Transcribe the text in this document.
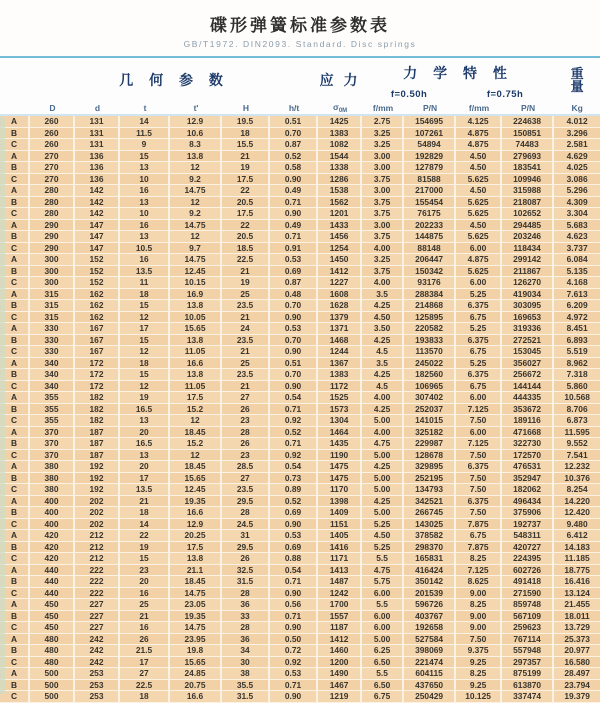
碟形弹簧标准参数表
GB/T1972. DIN2093. Standard. Disc springs
	几 何 参 数						应 力	力 学 特 性				重
量
								f=0.50h		f=0.75h		
	D	d	t	t'	H	h/t	$\sigma_{0M}$	f/mm	P/N	f/mm	P/N	Kg
A	260	131	14	12.9	19.5	0.51	1425	2.75	154695	4.125	224638	4.012
B	260	131	11.5	10.6	18	0.70	1383	3.25	107261	4.875	150851	3.296
C	260	131	9	8.3	15.5	0.87	1082	3.25	54894	4.875	74483	2.581
A	270	136	15	13.8	21	0.52	1544	3.00	192829	4.50	279693	4.629
B	270	136	13	12	19	0.58	1338	3.00	127879	4.50	183541	4.025
C	270	136	10	9.2	17.5	0.90	1286	3.75	81588	5.625	109946	3.086
A	280	142	16	14.75	22	0.49	1538	3.00	217000	4.50	315988	5.296
B	280	142	13	12	20.5	0.71	1562	3.75	155454	5.625	218087	4.309
C	280	142	10	9.2	17.5	0.90	1201	3.75	76175	5.625	102652	3.304
A	290	147	16	14.75	22	0.49	1433	3.00	202233	4.50	294485	5.683
B	290	147	13	12	20.5	0.71	1456	3.75	144875	5.625	203246	4.623
C	290	147	10.5	9.7	18.5	0.91	1254	4.00	88148	6.00	118434	3.737
A	300	152	16	14.75	22.5	0.53	1450	3.25	206447	4.875	299142	6.084
B	300	152	13.5	12.45	21	0.69	1412	3.75	150342	5.625	211867	5.135
C	300	152	11	10.15	19	0.87	1227	4.00	93176	6.00	126270	4.168
A	315	162	18	16.9	25	0.48	1608	3.5	288384	5.25	419034	7.613
B	315	162	15	13.8	23.5	0.70	1628	4.25	214868	6.375	303095	6.209
C	315	162	12	10.05	21	0.90	1379	4.50	125895	6.75	169653	4.972
A	330	167	17	15.65	24	0.53	1371	3.50	220582	5.25	319336	8.451
B	330	167	15	13.8	23.5	0.70	1468	4.25	193833	6.375	272521	6.893
C	330	167	12	11.05	21	0.90	1244	4.5	113570	6.75	153045	5.519
A	340	172	18	16.6	25	0.51	1367	3.5	245022	5.25	356027	8.962
B	340	172	15	13.8	23.5	0.70	1383	4.25	182560	6.375	256672	7.318
C	340	172	12	11.05	21	0.90	1172	4.5	106965	6.75	144144	5.860
A	355	182	19	17.5	27	0.54	1525	4.00	307402	6.00	444335	10.568
B	355	182	16.5	15.2	26	0.71	1573	4.25	252037	7.125	353672	8.706
C	355	182	13	12	23	0.92	1304	5.00	141015	7.50	189116	6.873
A	370	187	20	18.45	28	0.52	1464	4.00	325182	6.00	471668	11.595
B	370	187	16.5	15.2	26	0.71	1435	4.75	229987	7.125	322730	9.552
C	370	187	13	12	23	0.92	1190	5.00	128678	7.50	172570	7.541
A	380	192	20	18.45	28.5	0.54	1475	4.25	329895	6.375	476531	12.232
B	380	192	17	15.65	27	0.73	1475	5.00	252195	7.50	352947	10.376
C	380	192	13.5	12.45	23.5	0.89	1170	5.00	134793	7.50	182062	8.254
A	400	202	21	19.35	29.5	0.52	1398	4.25	342521	6.375	496434	14.220
B	400	202	18	16.6	28	0.69	1409	5.00	266745	7.50	375906	12.420
C	400	202	14	12.9	24.5	0.90	1151	5.25	143025	7.875	192737	9.480
A	420	212	22	20.25	31	0.53	1405	4.50	378582	6.75	548311	6.412
B	420	212	19	17.5	29.5	0.69	1416	5.25	298370	7.875	420727	14.183
C	420	212	15	13.8	26	0.88	1171	5.5	165831	8.25	224395	11.185
A	440	222	23	21.1	32.5	0.54	1413	4.75	416424	7.125	602726	18.775
B	440	222	20	18.45	31.5	0.71	1487	5.75	350142	8.625	491418	16.416
C	440	222	16	14.75	28	0.90	1242	6.00	201539	9.00	271590	13.124
A	450	227	25	23.05	36	0.56	1700	5.5	596726	8.25	859748	21.455
B	450	227	21	19.35	33	0.71	1557	6.00	403767	9.00	567109	18.011
C	450	227	16	14.75	28	0.90	1187	6.00	192658	9.00	259623	13.729
A	480	242	26	23.95	36	0.50	1412	5.00	527584	7.50	767114	25.373
B	480	242	21.5	19.8	34	0.72	1460	6.25	398069	9.375	557948	20.977
C	480	242	17	15.65	30	0.92	1200	6.50	221474	9.25	297357	16.580
A	500	253	27	24.85	38	0.53	1490	5.5	604115	8.25	875199	28.497
B	500	253	22.5	20.75	35.5	0.71	1467	6.50	437650	9.25	613870	23.794
C	500	253	18	16.6	31.5	0.90	1219	6.75	250429	10.125	337474	19.379
